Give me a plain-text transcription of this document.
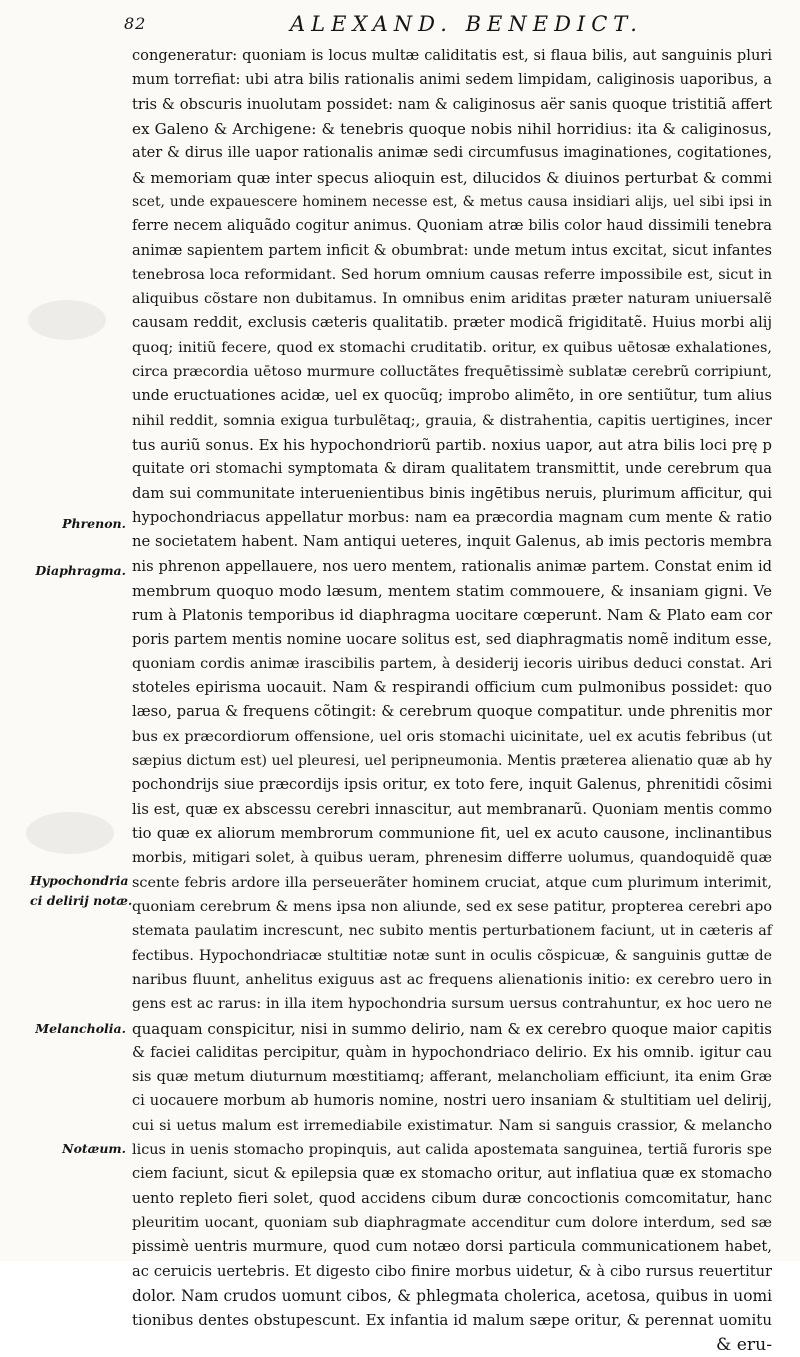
82	ALEXAND. BENEDICT.
Phrenon.
Diaphragma.
Hypochondria
ci delirij notæ.
Melancholia.
Notæum.
congeneratur: quoniam is locus multæ caliditatis est, si flaua bilis, aut sanguinis pluri
mum torrefiat: ubi atra bilis rationalis animi sedem limpidam, caliginosis uaporibus, a
tris & obscuris inuolutam possidet: nam & caliginosus aër sanis quoque tristitiã affert
ex Galeno & Archigene: & tenebris quoque nobis nihil horridius: ita & caliginosus,
ater & dirus ille uapor rationalis animæ sedi circumfusus imaginationes, cogitationes,
& memoriam quæ inter specus alioquin est, dilucidos & diuinos perturbat & commi
scet, unde expauescere hominem necesse est, & metus causa insidiari alijs, uel sibi ipsi in
ferre necem aliquãdo cogitur animus. Quoniam atræ bilis color haud dissimili tenebra
animæ sapientem partem inficit & obumbrat: unde metum intus excitat, sicut infantes
tenebrosa loca reformidant. Sed horum omnium causas referre impossibile est, sicut in
aliquibus cõstare non dubitamus. In omnibus enim ariditas præter naturam uniuersalẽ
causam reddit, exclusis cæteris qualitatib. præter modicã frigiditatẽ. Huius morbi alij
quoq; initiũ fecere, quod ex stomachi cruditatib. oritur, ex quibus uētosæ exhalationes,
circa præcordia uētoso murmure colluctãtes frequētissimè sublatæ cerebrũ corripiunt,
unde eructuationes acidæ, uel ex quocũq; improbo alimẽto, in ore sentiũtur, tum alius
nihil reddit, somnia exigua turbulẽtaq;, grauia, & distrahentia, capitis uertigines, incer
tus auriũ sonus. Ex his hypochondriorũ partib. noxius uapor, aut atra bilis loci prę p
quitate ori stomachi symptomata & diram qualitatem transmittit, unde cerebrum qua
dam sui communitate interuenientibus binis ingētibus neruis, plurimum afficitur, qui
hypochondriacus appellatur morbus: nam ea præcordia magnam cum mente & ratio
ne societatem habent. Nam antiqui ueteres, inquit Galenus, ab imis pectoris membra
nis phrenon appellauere, nos uero mentem, rationalis animæ partem. Constat enim id
membrum quoquo modo læsum, mentem statim commouere, & insaniam gigni. Ve
rum à Platonis temporibus id diaphragma uocitare cœperunt. Nam & Plato eam cor
poris partem mentis nomine uocare solitus est, sed diaphragmatis nomẽ inditum esse,
quoniam cordis animæ irascibilis partem, à desiderij iecoris uiribus deduci constat. Ari
stoteles epirisma uocauit. Nam & respirandi officium cum pulmonibus possidet: quo
læso, parua & frequens cõtingit: & cerebrum quoque compatitur. unde phrenitis mor
bus ex præcordiorum offensione, uel oris stomachi uicinitate, uel ex acutis febribus (ut
sæpius dictum est) uel pleuresi, uel peripneumonia. Mentis præterea alienatio quæ ab hy
pochondrijs siue præcordijs ipsis oritur, ex toto fere, inquit Galenus, phrenitidi cõsimi
lis est, quæ ex abscessu cerebri innascitur, aut membranarũ. Quoniam mentis commo
tio quæ ex aliorum membrorum communione fit, uel ex acuto causone, inclinantibus
morbis, mitigari solet, à quibus ueram, phrenesim differre uolumus, quandoquidẽ quæ
scente febris ardore illa perseuerãter hominem cruciat, atque cum plurimum interimit,
quoniam cerebrum & mens ipsa non aliunde, sed ex sese patitur, propterea cerebri apo
stemata paulatim increscunt, nec subito mentis perturbationem faciunt, ut in cæteris af
fectibus. Hypochondriacæ stultitiæ notæ sunt in oculis cõspicuæ, & sanguinis guttæ de
naribus fluunt, anhelitus exiguus ast ac frequens alienationis initio: ex cerebro uero in
gens est ac rarus: in illa item hypochondria sursum uersus contrahuntur, ex hoc uero ne
quaquam conspicitur, nisi in summo delirio, nam & ex cerebro quoque maior capitis
& faciei caliditas percipitur, quàm in hypochondriaco delirio. Ex his omnib. igitur cau
sis quæ metum diuturnum mœstitiamq; afferant, melancholiam efficiunt, ita enim Græ
ci uocauere morbum ab humoris nomine, nostri uero insaniam & stultitiam uel delirij,
cui si uetus malum est irremediabile existimatur. Nam si sanguis crassior, & melancho
licus in uenis stomacho propinquis, aut calida apostemata sanguinea, tertiã furoris spe
ciem faciunt, sicut & epilepsia quæ ex stomacho oritur, aut inflatiua quæ ex stomacho
uento repleto fieri solet, quod accidens cibum duræ concoctionis comcomitatur, hanc
pleuritim uocant, quoniam sub diaphragmate accenditur cum dolore interdum, sed sæ
pissimè uentris murmure, quod cum notæo dorsi particula communicationem habet,
ac ceruicis uertebris. Et digesto cibo finire morbus uidetur, & à cibo rursus reuertitur
dolor. Nam crudos uomunt cibos, & phlegmata cholerica, acetosa, quibus in uomi
tionibus dentes obstupescunt. Ex infantia id malum sæpe oritur, & perennat uomitu
& eru-
